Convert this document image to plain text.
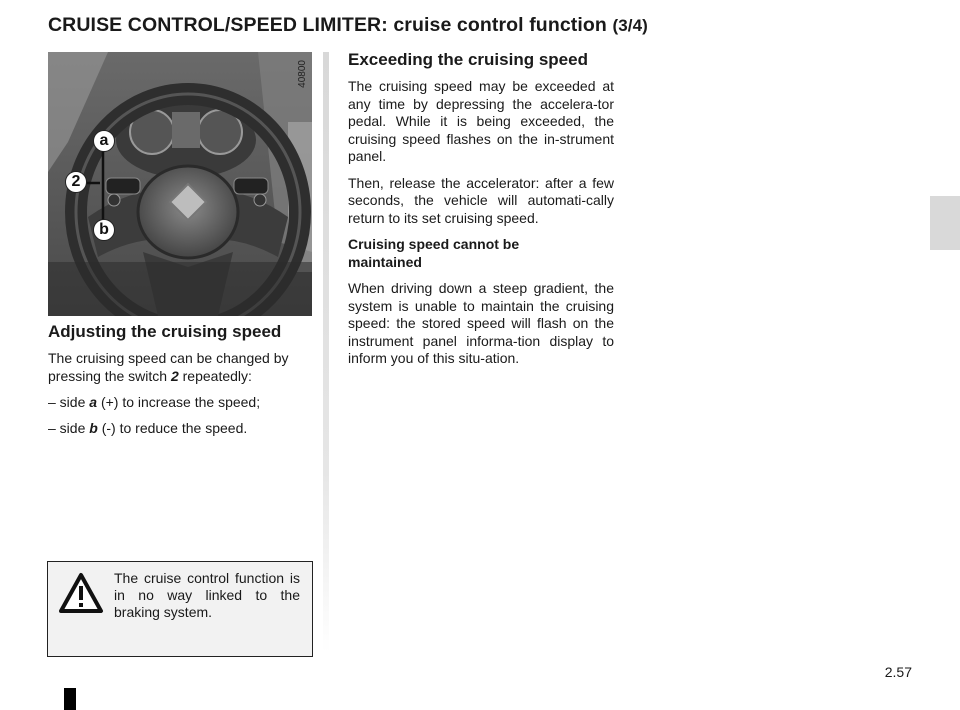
CRUISE CONTROL/SPEED LIMITER: cruise control function (3/4)
40800
a
2
b
Adjusting the cruising speed

The cruising speed can be changed by pressing the switch 2 repeatedly:

– side a (+) to increase the speed;
– side b (-) to reduce the speed.
Exceeding the cruising speed

The cruising speed may be exceeded at any time by depressing the accelera-tor pedal. While it is being exceeded, the cruising speed flashes on the in-strument panel.

Then, release the accelerator: after a few seconds, the vehicle will automati-cally return to its set cruising speed.

Cruising speed cannot be maintained

When driving down a steep gradient, the system is unable to maintain the cruising speed: the stored speed will flash on the instrument panel informa-tion display to inform you of this situ-ation.

The cruise control function is in no way linked to the braking system.

2.57
